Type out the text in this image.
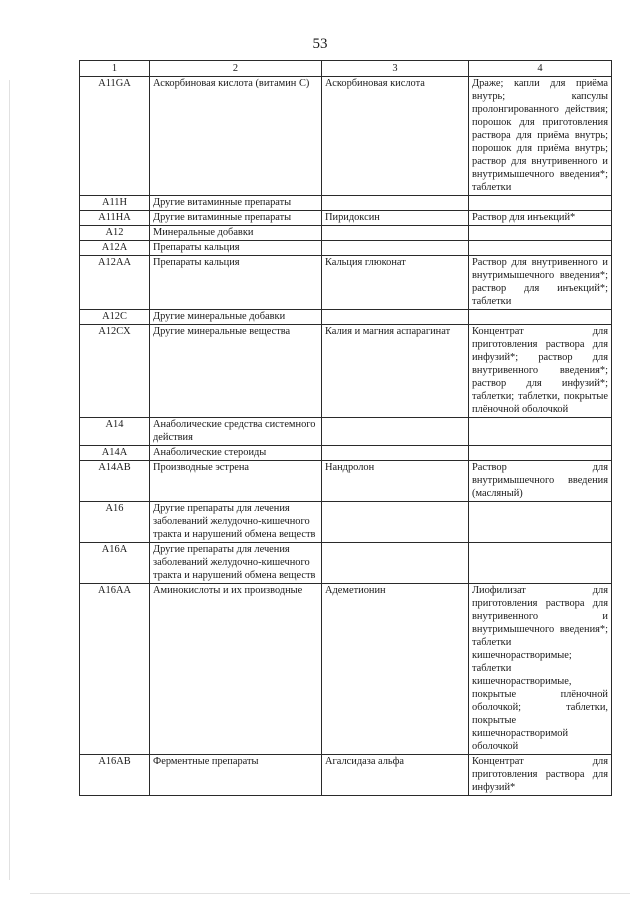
53
1	2	3	4
A11GA	Аскорбиновая кислота (витамин С)	Аскорбиновая кислота	Драже; капли для приёма внутрь; капсулы пролонгированного действия; порошок для приготовления раствора для приёма внутрь; порошок для приёма внутрь; раствор для внутривенного и внутримышечного введения*; таблетки
A11H	Другие витаминные препараты		
A11HA	Другие витаминные препараты	Пиридоксин	Раствор для инъекций*
A12	Минеральные добавки		
A12A	Препараты кальция		
A12AA	Препараты кальция	Кальция глюконат	Раствор для внутривенного и внутримышечного введения*; раствор для инъекций*; таблетки
A12C	Другие минеральные добавки		
A12CX	Другие минеральные вещества	Калия и магния аспарагинат	Концентрат для приготовления раствора для инфузий*; раствор для внутривенного введения*; раствор для инфузий*; таблетки; таблетки, покрытые плёночной оболочкой
A14	Анаболические средства системного действия		
A14A	Анаболические стероиды		
A14AB	Производные эстрена	Нандролон	Раствор для внутримышечного введения (масляный)
A16	Другие препараты для лечения заболеваний желудочно-кишечного тракта и нарушений обмена веществ		
A16A	Другие препараты для лечения заболеваний желудочно-кишечного тракта и нарушений обмена веществ		
A16AA	Аминокислоты и их производные	Адеметионин	Лиофилизат для приготовления раствора для внутривенного и внутримышечного введения*; таблетки кишечнорастворимые; таблетки кишечнорастворимые, покрытые плёночной оболочкой; таблетки, покрытые кишечнорастворимой оболочкой
A16AB	Ферментные препараты	Агалсидаза альфа	Концентрат для приготовления раствора для инфузий*
